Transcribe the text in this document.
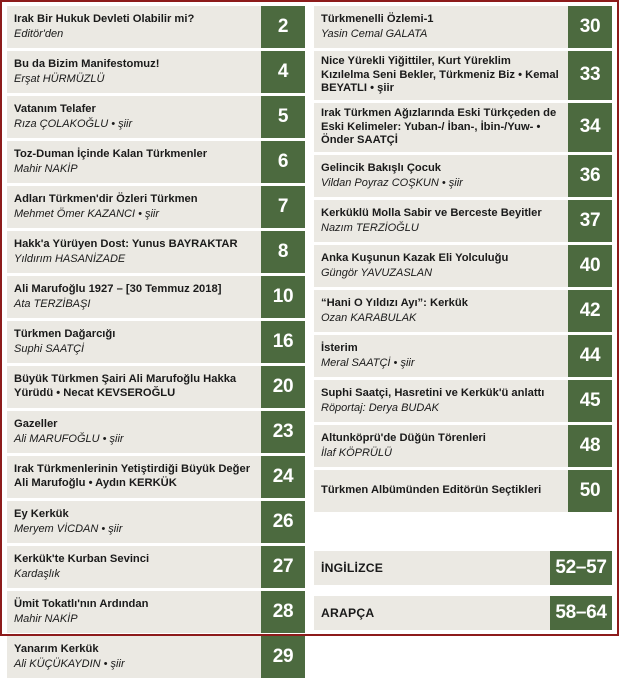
Irak Bir Hukuk Devleti Olabilir mi?
Editör'den	2
Bu da Bizim Manifestomuz!
Erşat HÜRMÜZLÜ	4
Vatanım Telafer
Rıza ÇOLAKOĞLU • şiir	5
Toz-Duman İçinde Kalan Türkmenler
Mahir NAKİP	6
Adları Türkmen'dir Özleri Türkmen
Mehmet Ömer KAZANCI • şiir	7
Hakk'a Yürüyen Dost: Yunus BAYRAKTAR
Yıldırım HASANİZADE	8
Ali Marufoğlu 1927 – [30 Temmuz 2018]
Ata TERZİBAŞI	10
Türkmen Dağarcığı
Suphi SAATÇİ	16
Büyük Türkmen Şairi Ali Marufoğlu Hakka Yürüdü • Necat KEVSEROĞLU	20
Gazeller
Ali MARUFOĞLU • şiir	23
Irak Türkmenlerinin Yetiştirdiği Büyük Değer Ali Marufoğlu • Aydın KERKÜK	24
Ey Kerkük
Meryem VİCDAN • şiir	26
Kerkük'te Kurban Sevinci
Kardaşlık	27
Ümit Tokatlı'nın Ardından
Mahir NAKİP	28
Yanarım Kerkük
Ali KÜÇÜKAYDIN • şiir	29
Türkmenelli Özlemi-1
Yasin Cemal GALATA	30
Nice Yürekli Yiğittiler, Kurt Yüreklim Kızılelma Seni Bekler, Türkmeniz Biz • Kemal BEYATLI • şiir
33
Irak Türkmen Ağızlarında Eski Türkçeden de Eski Kelimeler: Yuban-/ İban-, İbin-/Yuw- • Önder SAATÇİ
34
Gelincik Bakışlı Çocuk
Vildan Poyraz COŞKUN • şiir	36
Kerküklü Molla Sabir ve Berceste Beyitler
Nazım TERZİOĞLU	37
Anka Kuşunun Kazak Eli Yolculuğu
Güngör YAVUZASLAN	40
“Hani O Yıldızı Ayı”: Kerkük
Ozan KARABULAK	42
İsterim
Meral SAATÇİ • şiir	44
Suphi Saatçi, Hasretini ve Kerkük'ü anlattı
Röportaj: Derya BUDAK	45
Altunköprü'de Düğün Törenleri
İlaf KÖPRÜLÜ	48
Türkmen Albümünden Editörün Seçtikleri	50
İNGİLİZCE	52–57
ARAPÇA	58–64
